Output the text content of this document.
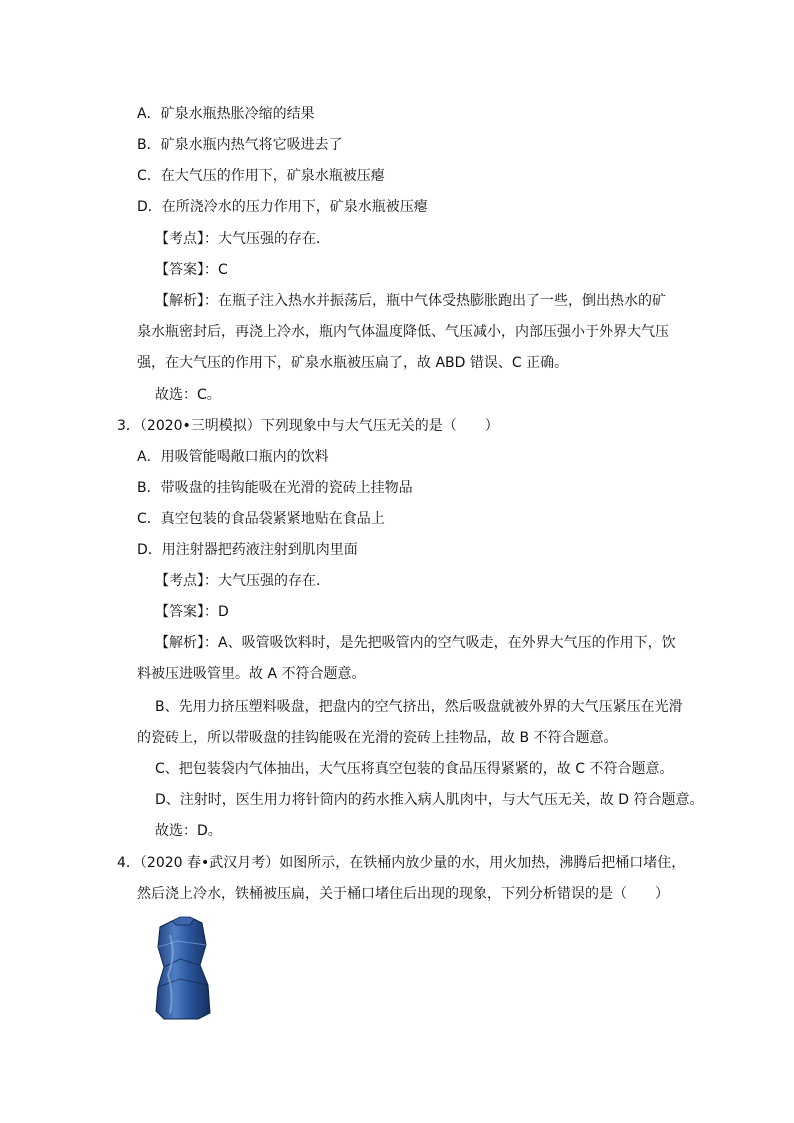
A．矿泉水瓶热胀冷缩的结果
B．矿泉水瓶内热气将它吸进去了
C．在大气压的作用下，矿泉水瓶被压瘪
D．在所浇冷水的压力作用下，矿泉水瓶被压瘪
【考点】：大气压强的存在．
【答案】：C
【解析】：在瓶子注入热水并振荡后，瓶中气体受热膨胀跑出了一些，倒出热水的矿
泉水瓶密封后，再浇上冷水，瓶内气体温度降低、气压减小，内部压强小于外界大气压
强，在大气压的作用下，矿泉水瓶被压扁了，故 ABD 错误、C 正确。
故选：C。
3．（2020•三明模拟）下列现象中与大气压无关的是（　　）
A．用吸管能喝敞口瓶内的饮料
B．带吸盘的挂钩能吸在光滑的瓷砖上挂物品
C．真空包装的食品袋紧紧地贴在食品上
D．用注射器把药液注射到肌肉里面
【考点】：大气压强的存在．
【答案】：D
【解析】：A、吸管吸饮料时，是先把吸管内的空气吸走，在外界大气压的作用下，饮
料被压进吸管里。故 A 不符合题意。
B、先用力挤压塑料吸盘，把盘内的空气挤出，然后吸盘就被外界的大气压紧压在光滑
的瓷砖上，所以带吸盘的挂钩能吸在光滑的瓷砖上挂物品，故 B 不符合题意。
C、把包装袋内气体抽出，大气压将真空包装的食品压得紧紧的，故 C 不符合题意。
D、注射时，医生用力将针筒内的药水推入病人肌肉中，与大气压无关，故 D 符合题意。
故选：D。
4．（2020 春•武汉月考）如图所示，在铁桶内放少量的水，用火加热，沸腾后把桶口堵住，
然后浇上冷水，铁桶被压扁，关于桶口堵住后出现的现象，下列分析错误的是（　　）
